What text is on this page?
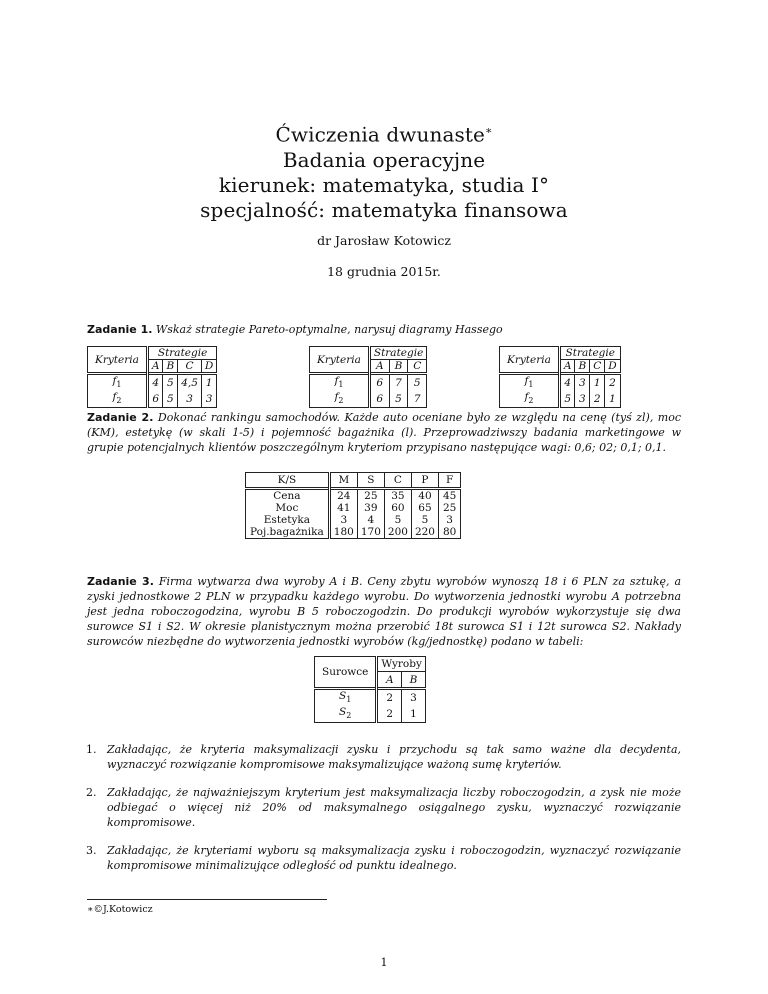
Ćwiczenia dwunaste∗
Badania operacyjne
kierunek: matematyka, studia I°
specjalność: matematyka finansowa
dr Jarosław Kotowicz
18 grudnia 2015r.
Zadanie 1. Wskaż strategie Pareto-optymalne, narysuj diagramy Hassego
Kryteria	Strategie			
	A	B	C	D
$f_1$	4	5	4,5	1
$f_2$	6	5	3	3
Kryteria	Strategie		
	A	B	C
$f_1$	6	7	5
$f_2$	6	5	7
Kryteria	Strategie			
	A	B	C	D
$f_1$	4	3	1	2
$f_2$	5	3	2	1
Zadanie 2. Dokonać rankingu samochodów. Każde auto oceniane było ze względu na cenę (tyś zl), moc (KM), estetykę (w skali 1-5) i pojemność bagażnika (l). Przeprowadziwszy badania marketingowe w grupie potencjalnych klientów poszczególnym kryteriom przypisano następujące wagi: 0,6; 02; 0,1; 0,1.
K/S	M	S	C	P	F
Cena	24	25	35	40	45
Moc	41	39	60	65	25
Estetyka	3	4	5	5	3
Poj.bagażnika	180	170	200	220	80
Zadanie 3. Firma wytwarza dwa wyroby A i B. Ceny zbytu wyrobów wynoszą 18 i 6 PLN za sztukę, a zyski jednostkowe 2 PLN w przypadku każdego wyrobu. Do wytworzenia jednostki wyrobu A potrzebna jest jedna roboczogodzina, wyrobu B 5 roboczogodzin. Do produkcji wyrobów wykorzystuje się dwa surowce S1 i S2. W okresie planistycznym można przerobić 18t surowca S1 i 12t surowca S2. Nakłady surowców niezbędne do wytworzenia jednostki wyrobów (kg/jednostkę) podano w tabeli:
Surowce	Wyroby	
	A	B
$S_1$	2	3
$S_2$	2	1
1. Zakładając, że kryteria maksymalizacji zysku i przychodu są tak samo ważne dla decydenta, wyznaczyć rozwiązanie kompromisowe maksymalizujące ważoną sumę kryteriów.
2. Zakładając, że najważniejszym kryterium jest maksymalizacja liczby roboczogodzin, a zysk nie może odbiegać o więcej niż 20% od maksymalnego osiągalnego zysku, wyznaczyć rozwiązanie kompromisowe.
3. Zakładając, że kryteriami wyboru są maksymalizacja zysku i roboczogodzin, wyznaczyć rozwiązanie kompromisowe minimalizujące odległość od punktu idealnego.
∗©J.Kotowicz
1
